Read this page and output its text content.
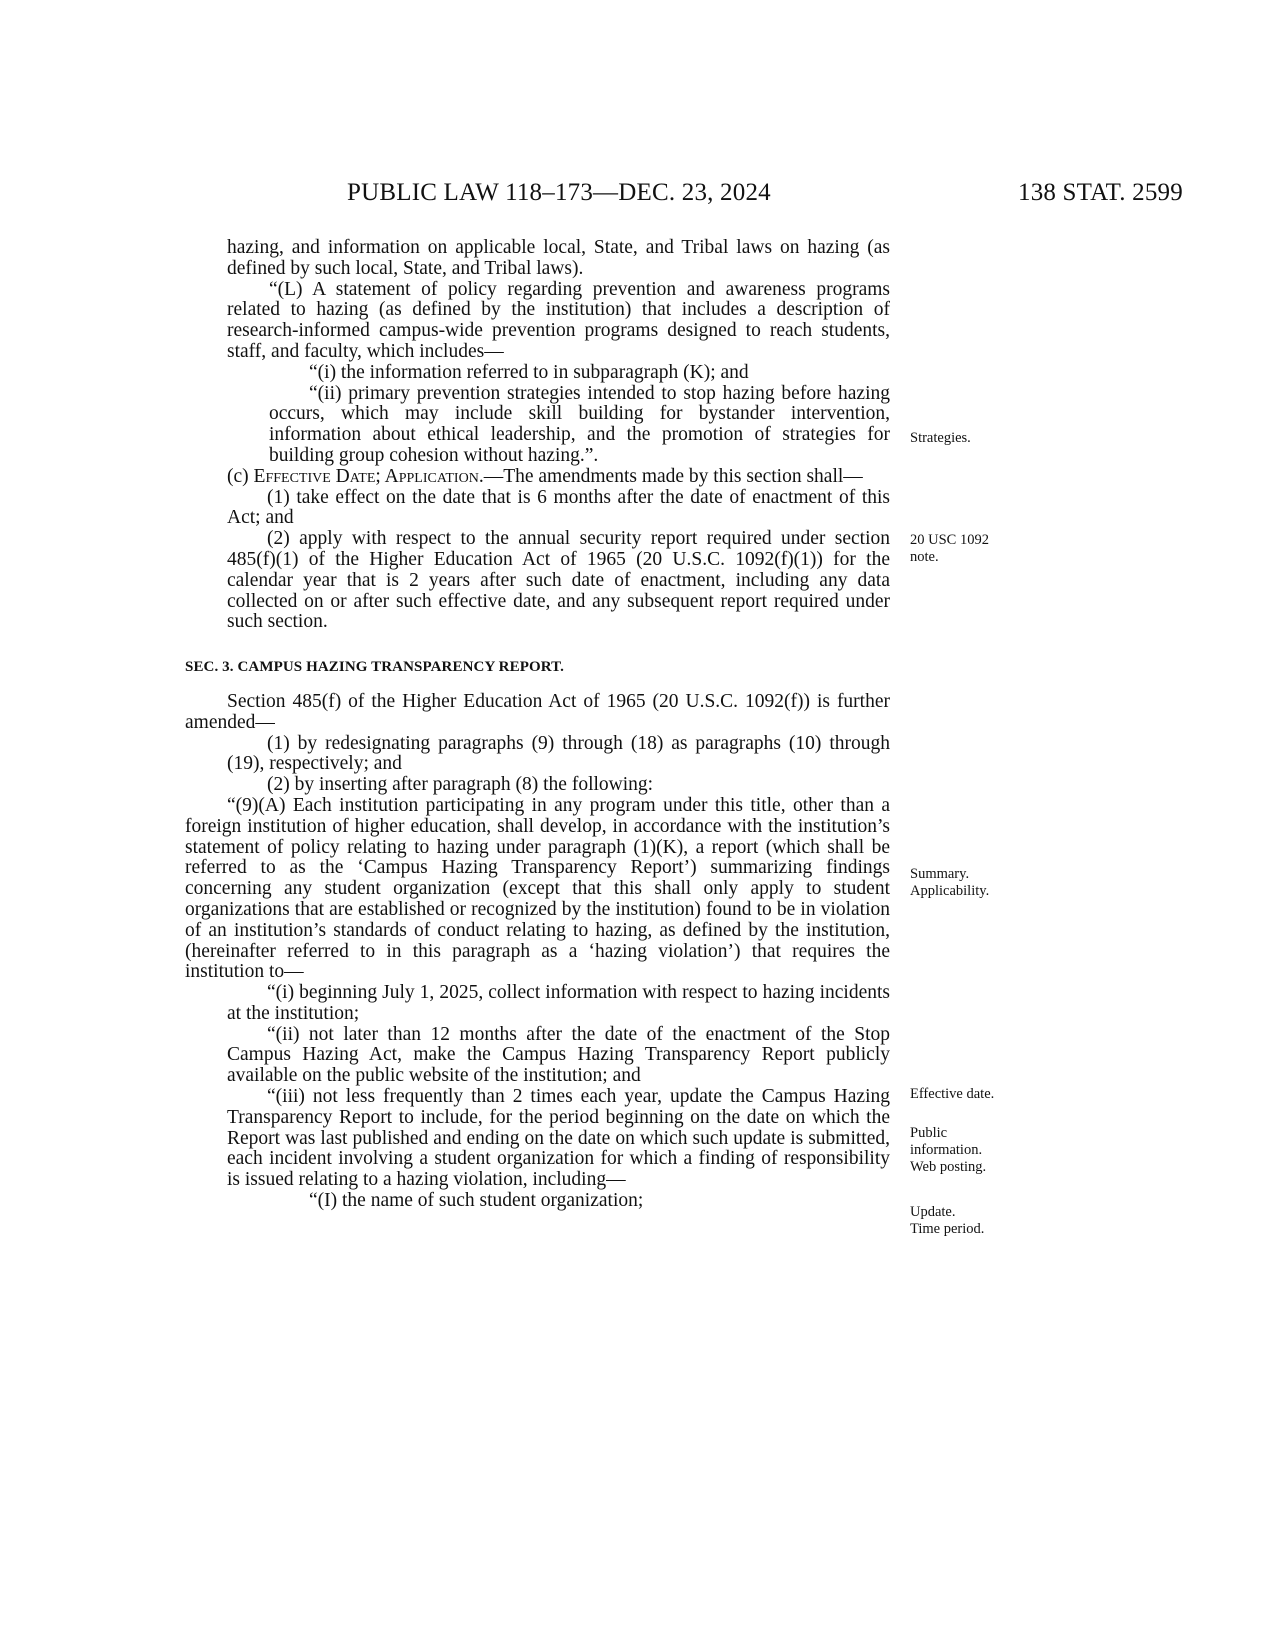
PUBLIC LAW 118–173—DEC. 23, 2024	138 STAT. 2599

hazing, and information on applicable local, State, and Tribal laws on hazing (as defined by such local, State, and Tribal laws).

“(L) A statement of policy regarding prevention and awareness programs related to hazing (as defined by the institution) that includes a description of research-informed campus-wide prevention programs designed to reach students, staff, and faculty, which includes—

“(i) the information referred to in subparagraph (K); and

“(ii) primary prevention strategies intended to stop hazing before hazing occurs, which may include skill building for bystander intervention, information about ethical leadership, and the promotion of strategies for building group cohesion without hazing.”.

(c) Effective Date; Application.—The amendments made by this section shall—

(1) take effect on the date that is 6 months after the date of enactment of this Act; and

(2) apply with respect to the annual security report required under section 485(f)(1) of the Higher Education Act of 1965 (20 U.S.C. 1092(f)(1)) for the calendar year that is 2 years after such date of enactment, including any data collected on or after such effective date, and any subsequent report required under such section.

SEC. 3. CAMPUS HAZING TRANSPARENCY REPORT.

Section 485(f) of the Higher Education Act of 1965 (20 U.S.C. 1092(f)) is further amended—

(1) by redesignating paragraphs (9) through (18) as paragraphs (10) through (19), respectively; and

(2) by inserting after paragraph (8) the following:

“(9)(A) Each institution participating in any program under this title, other than a foreign institution of higher education, shall develop, in accordance with the institution’s statement of policy relating to hazing under paragraph (1)(K), a report (which shall be referred to as the ‘Campus Hazing Transparency Report’) summarizing findings concerning any student organization (except that this shall only apply to student organizations that are established or recognized by the institution) found to be in violation of an institution’s standards of conduct relating to hazing, as defined by the institution, (hereinafter referred to in this paragraph as a ‘hazing violation’) that requires the institution to—

“(i) beginning July 1, 2025, collect information with respect to hazing incidents at the institution;

“(ii) not later than 12 months after the date of the enactment of the Stop Campus Hazing Act, make the Campus Hazing Transparency Report publicly available on the public website of the institution; and

“(iii) not less frequently than 2 times each year, update the Campus Hazing Transparency Report to include, for the period beginning on the date on which the Report was last published and ending on the date on which such update is submitted, each incident involving a student organization for which a finding of responsibility is issued relating to a hazing violation, including—

“(I) the name of such student organization;

Strategies.
20 USC 1092
note.
Summary.
Applicability.
Effective date.
Public
information.
Web posting.
Update.
Time period.
